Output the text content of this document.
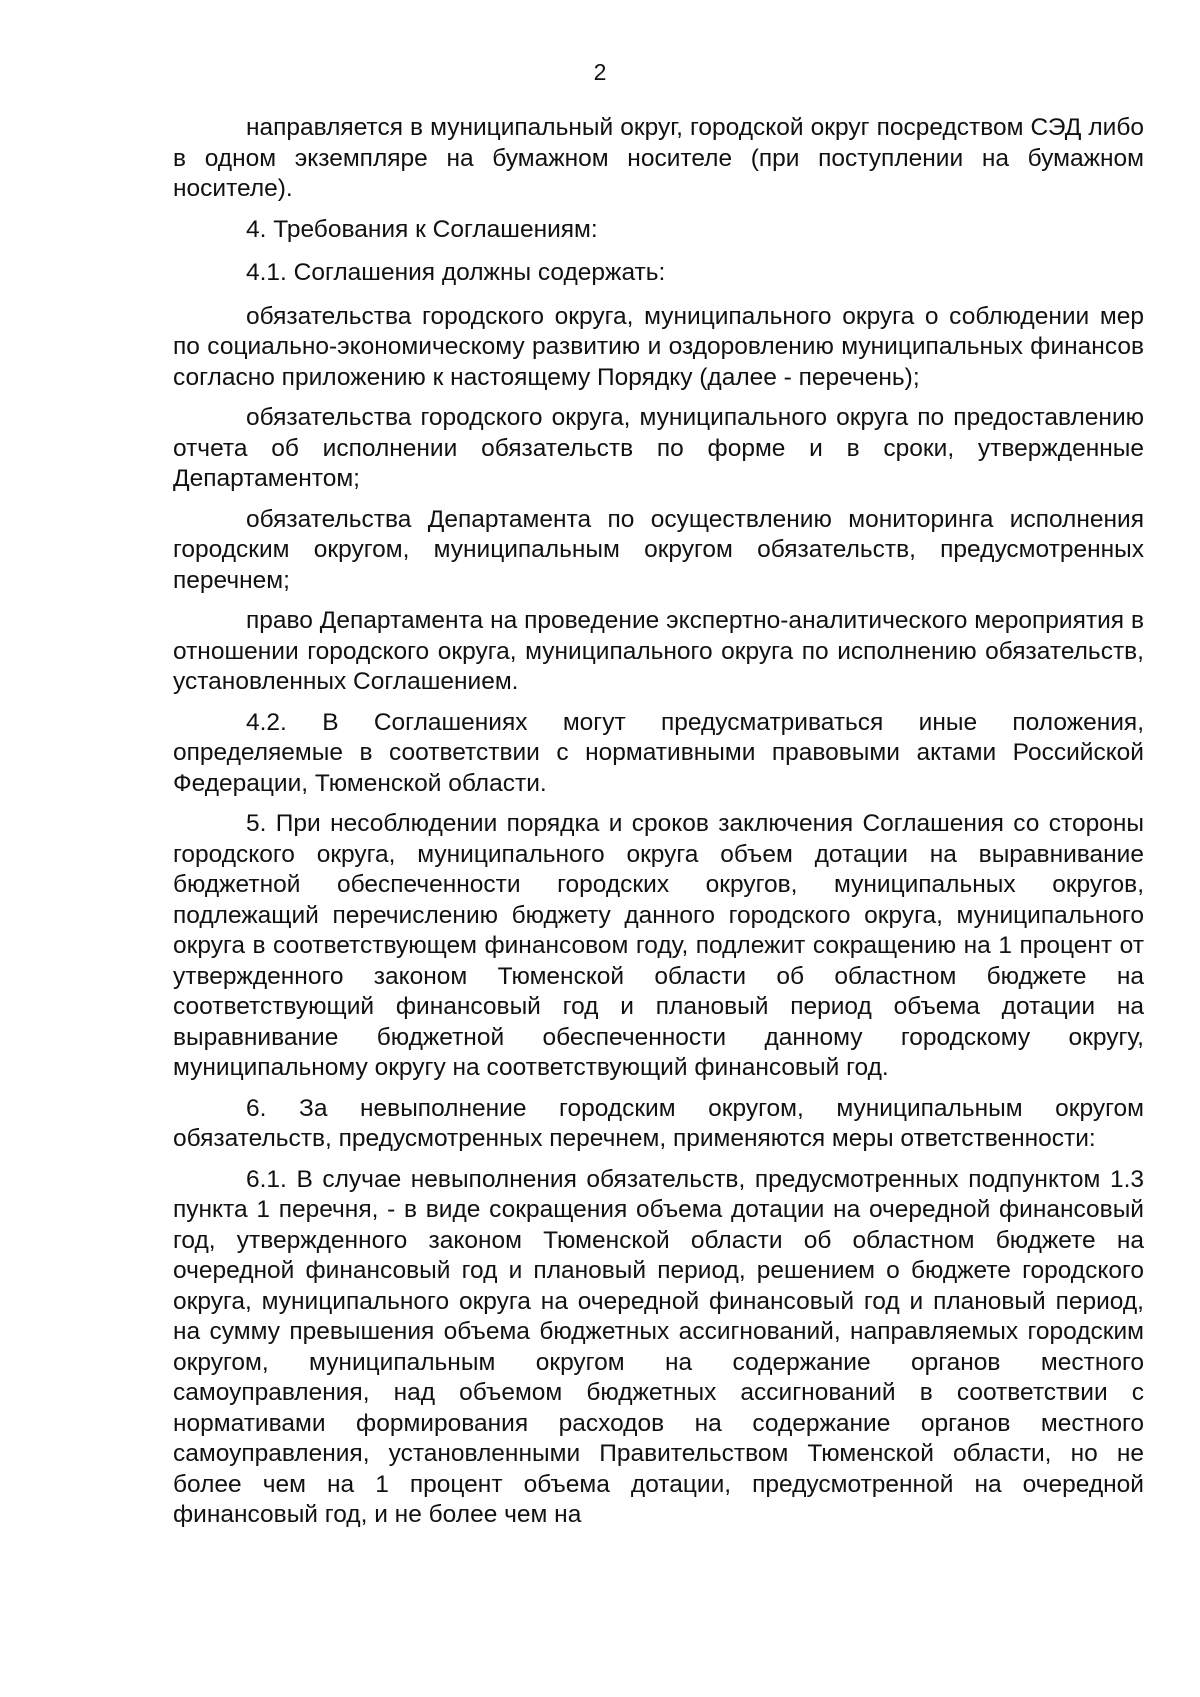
2

направляется в муниципальный округ, городской округ посредством СЭД либо в одном экземпляре на бумажном носителе (при поступлении на бумажном носителе).

4. Требования к Соглашениям:

4.1. Соглашения должны содержать:

обязательства городского округа, муниципального округа о соблюдении мер по социально-экономическому развитию и оздоровлению муниципальных финансов согласно приложению к настоящему Порядку (далее - перечень);

обязательства городского округа, муниципального округа по предоставлению отчета об исполнении обязательств по форме и в сроки, утвержденные Департаментом;

обязательства Департамента по осуществлению мониторинга исполнения городским округом, муниципальным округом обязательств, предусмотренных перечнем;

право Департамента на проведение экспертно-аналитического мероприятия в отношении городского округа, муниципального округа по исполнению обязательств, установленных Соглашением.

4.2. В Соглашениях могут предусматриваться иные положения, определяемые в соответствии с нормативными правовыми актами Российской Федерации, Тюменской области.

5. При несоблюдении порядка и сроков заключения Соглашения со стороны городского округа, муниципального округа объем дотации на выравнивание бюджетной обеспеченности городских округов, муниципальных округов, подлежащий перечислению бюджету данного городского округа, муниципального округа в соответствующем финансовом году, подлежит сокращению на 1 процент от утвержденного законом Тюменской области об областном бюджете на соответствующий финансовый год и плановый период объема дотации на выравнивание бюджетной обеспеченности данному городскому округу, муниципальному округу на соответствующий финансовый год.

6. За невыполнение городским округом, муниципальным округом обязательств, предусмотренных перечнем, применяются меры ответственности:

6.1. В случае невыполнения обязательств, предусмотренных подпунктом 1.3 пункта 1 перечня, - в виде сокращения объема дотации на очередной финансовый год, утвержденного законом Тюменской области об областном бюджете на очередной финансовый год и плановый период, решением о бюджете городского округа, муниципального округа на очередной финансовый год и плановый период, на сумму превышения объема бюджетных ассигнований, направляемых городским округом, муниципальным округом на содержание органов местного самоуправления, над объемом бюджетных ассигнований в соответствии с нормативами формирования расходов на содержание органов местного самоуправления, установленными Правительством Тюменской области, но не более чем на 1 процент объема дотации, предусмотренной на очередной финансовый год, и не более чем на
